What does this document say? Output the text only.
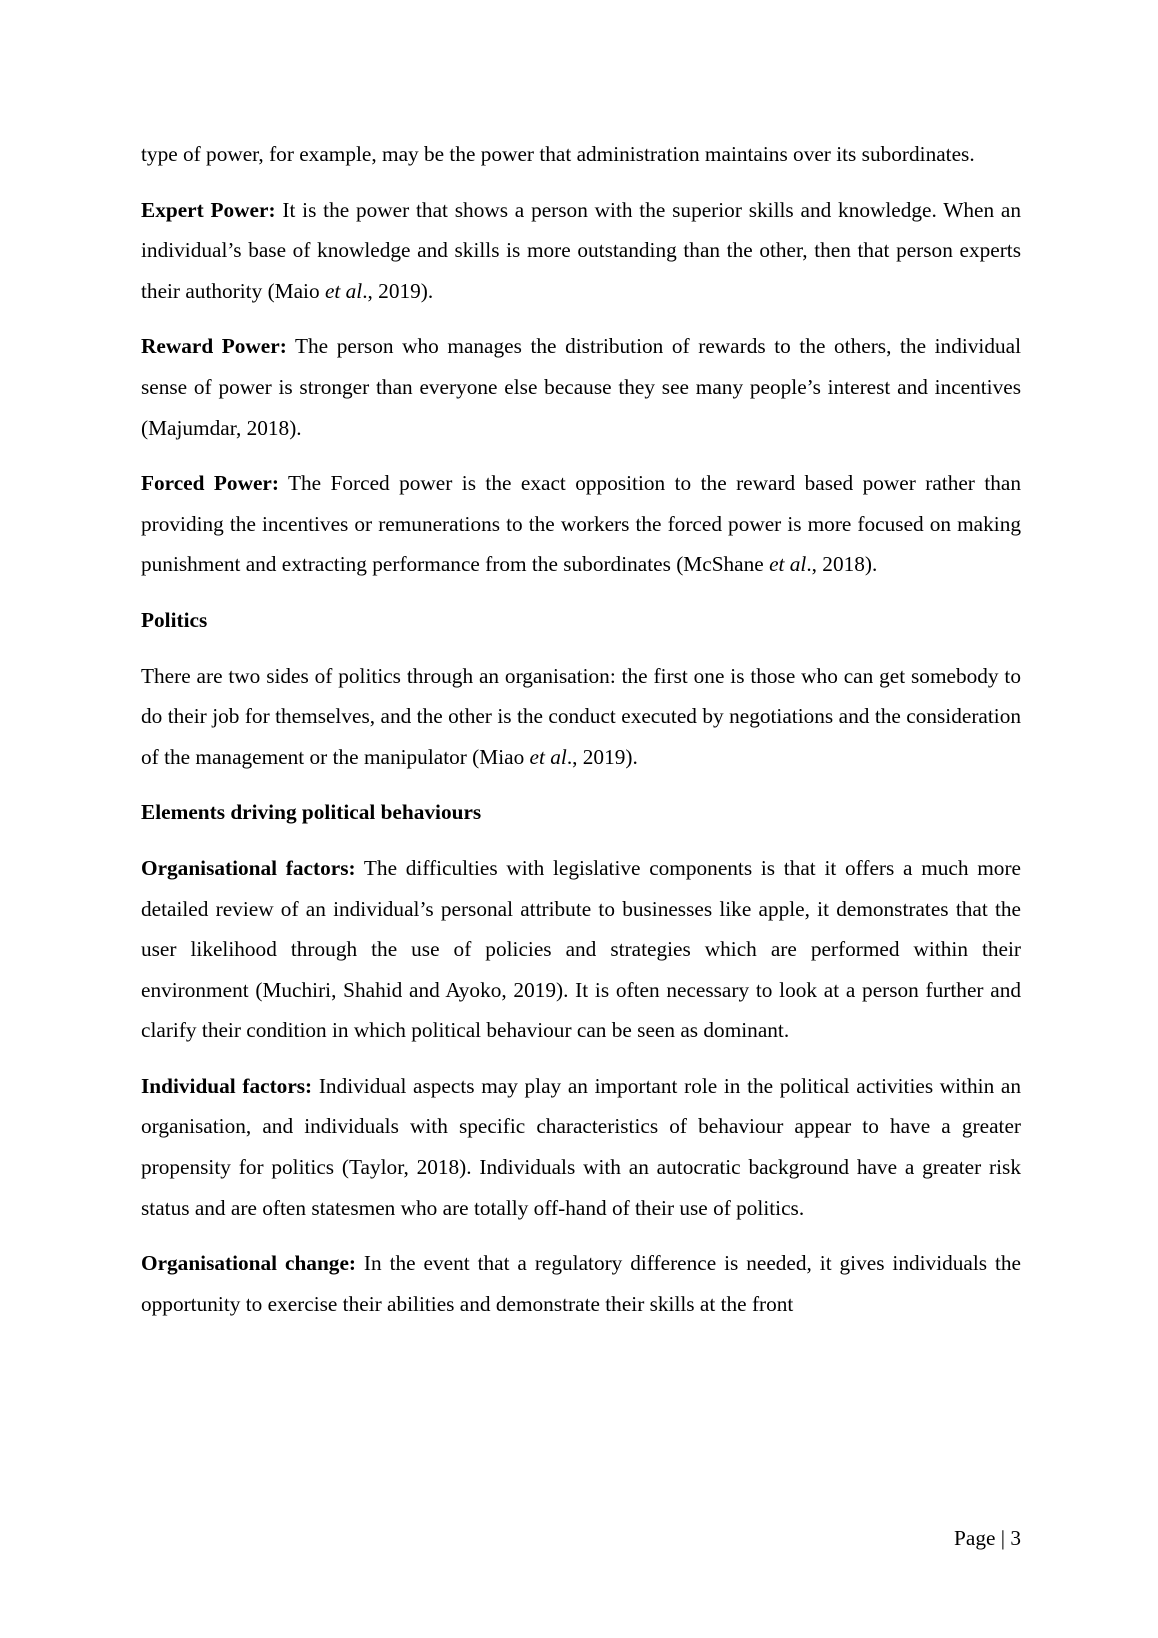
type of power, for example, may be the power that administration maintains over its subordinates.

Expert Power: It is the power that shows a person with the superior skills and knowledge. When an individual’s base of knowledge and skills is more outstanding than the other, then that person experts their authority (Maio et al., 2019).

Reward Power: The person who manages the distribution of rewards to the others, the individual sense of power is stronger than everyone else because they see many people’s interest and incentives (Majumdar, 2018).

Forced Power: The Forced power is the exact opposition to the reward based power rather than providing the incentives or remunerations to the workers the forced power is more focused on making punishment and extracting performance from the subordinates (McShane et al., 2018).

Politics

There are two sides of politics through an organisation: the first one is those who can get somebody to do their job for themselves, and the other is the conduct executed by negotiations and the consideration of the management or the manipulator (Miao et al., 2019).

Elements driving political behaviours

Organisational factors: The difficulties with legislative components is that it offers a much more detailed review of an individual’s personal attribute to businesses like apple, it demonstrates that the user likelihood through the use of policies and strategies which are performed within their environment (Muchiri, Shahid and Ayoko, 2019). It is often necessary to look at a person further and clarify their condition in which political behaviour can be seen as dominant.

Individual factors: Individual aspects may play an important role in the political activities within an organisation, and individuals with specific characteristics of behaviour appear to have a greater propensity for politics (Taylor, 2018). Individuals with an autocratic background have a greater risk status and are often statesmen who are totally off-hand of their use of politics.

Organisational change: In the event that a regulatory difference is needed, it gives individuals the opportunity to exercise their abilities and demonstrate their skills at the front

Page | 3
